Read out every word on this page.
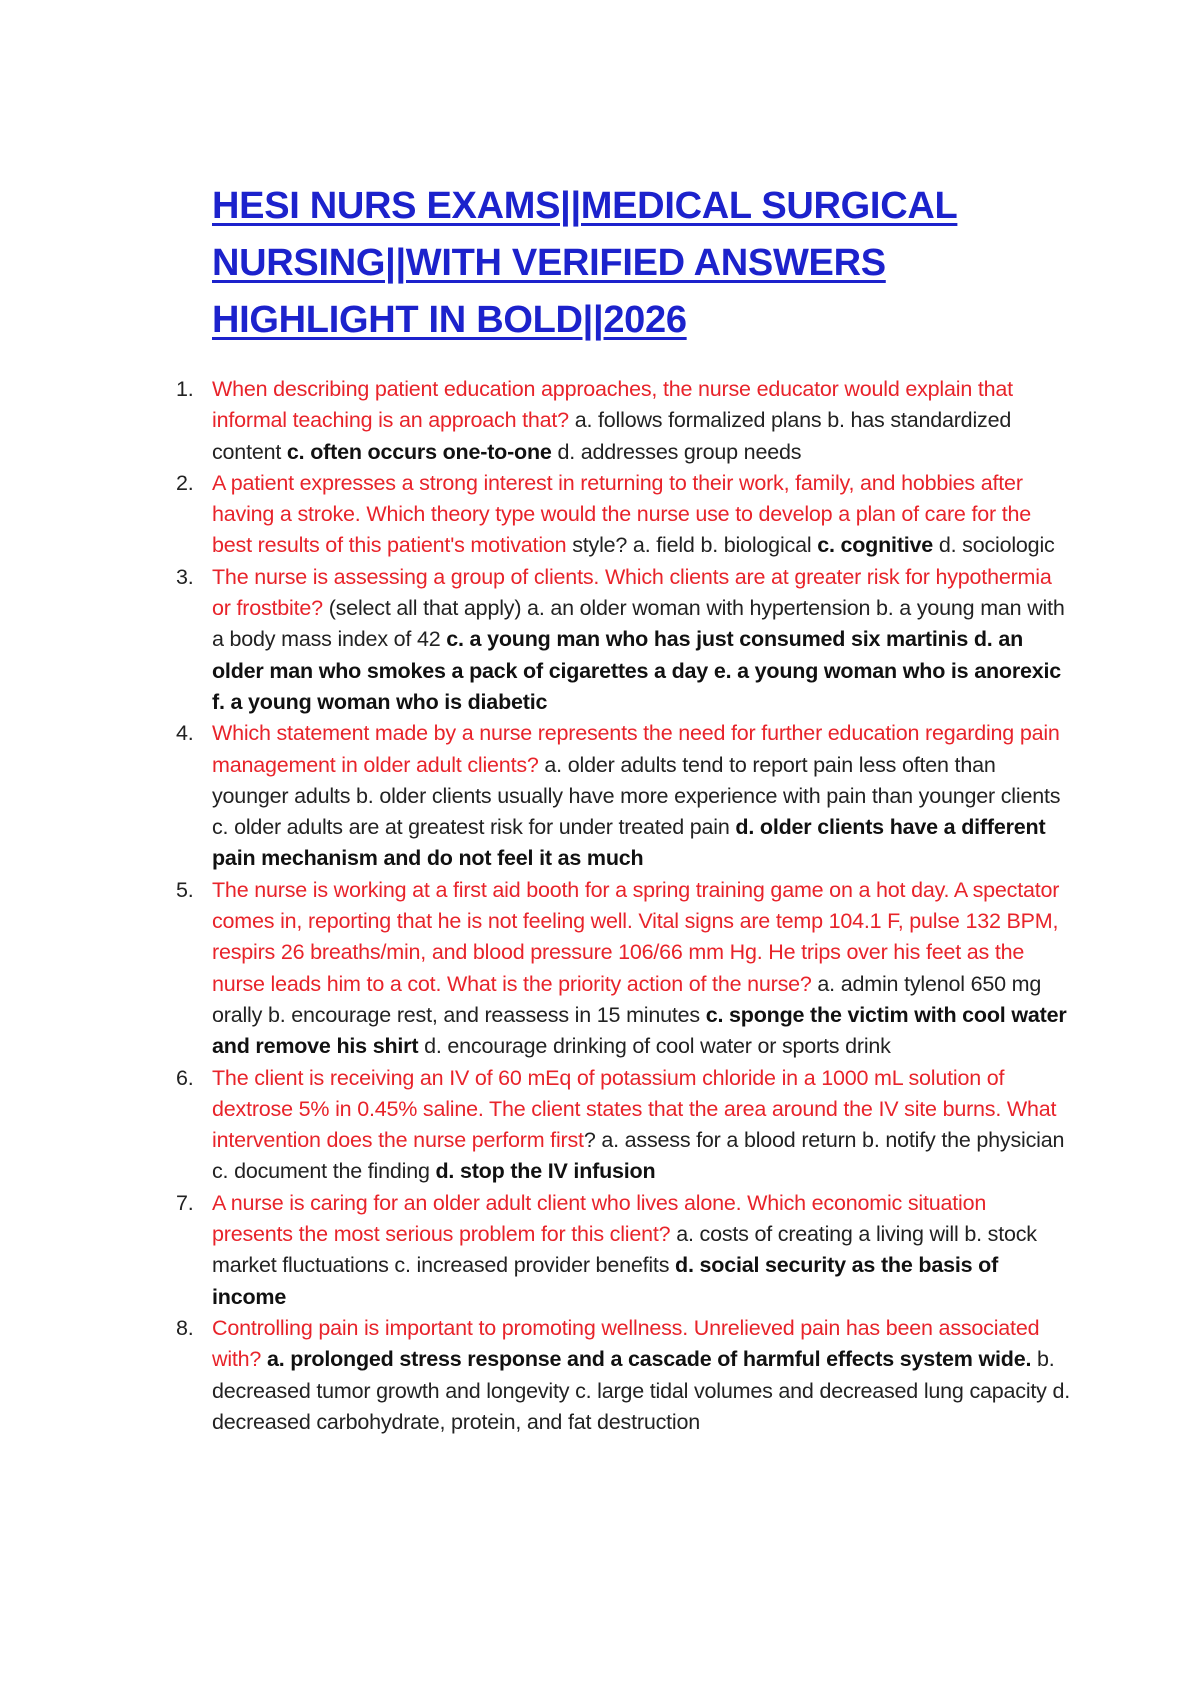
HESI NURS EXAMS||MEDICAL SURGICAL
NURSING||WITH VERIFIED ANSWERS
HIGHLIGHT IN BOLD||2026
1. When describing patient education approaches, the nurse educator would explain that informal teaching is an approach that? a. follows formalized plans b. has standardized content c. often occurs one-to-one d. addresses group needs
2. A patient expresses a strong interest in returning to their work, family, and hobbies after having a stroke. Which theory type would the nurse use to develop a plan of care for the best results of this patient's motivation style? a. field b. biological c. cognitive d. sociologic
3. The nurse is assessing a group of clients. Which clients are at greater risk for hypothermia or frostbite? (select all that apply) a. an older woman with hypertension b. a young man with a body mass index of 42 c. a young man who has just consumed six martinis d. an older man who smokes a pack of cigarettes a day e. a young woman who is anorexic f. a young woman who is diabetic
4. Which statement made by a nurse represents the need for further education regarding pain management in older adult clients? a. older adults tend to report pain less often than younger adults b. older clients usually have more experience with pain than younger clients c. older adults are at greatest risk for under treated pain d. older clients have a different pain mechanism and do not feel it as much
5. The nurse is working at a first aid booth for a spring training game on a hot day. A spectator comes in, reporting that he is not feeling well. Vital signs are temp 104.1 F, pulse 132 BPM, respirs 26 breaths/min, and blood pressure 106/66 mm Hg. He trips over his feet as the nurse leads him to a cot. What is the priority action of the nurse? a. admin tylenol 650 mg orally b. encourage rest, and reassess in 15 minutes c. sponge the victim with cool water and remove his shirt d. encourage drinking of cool water or sports drink
6. The client is receiving an IV of 60 mEq of potassium chloride in a 1000 mL solution of dextrose 5% in 0.45% saline. The client states that the area around the IV site burns. What intervention does the nurse perform first? a. assess for a blood return b. notify the physician c. document the finding d. stop the IV infusion
7. A nurse is caring for an older adult client who lives alone. Which economic situation presents the most serious problem for this client? a. costs of creating a living will b. stock market fluctuations c. increased provider benefits d. social security as the basis of income
8. Controlling pain is important to promoting wellness. Unrelieved pain has been associated with? a. prolonged stress response and a cascade of harmful effects system wide. b. decreased tumor growth and longevity c. large tidal volumes and decreased lung capacity d. decreased carbohydrate, protein, and fat destruction
